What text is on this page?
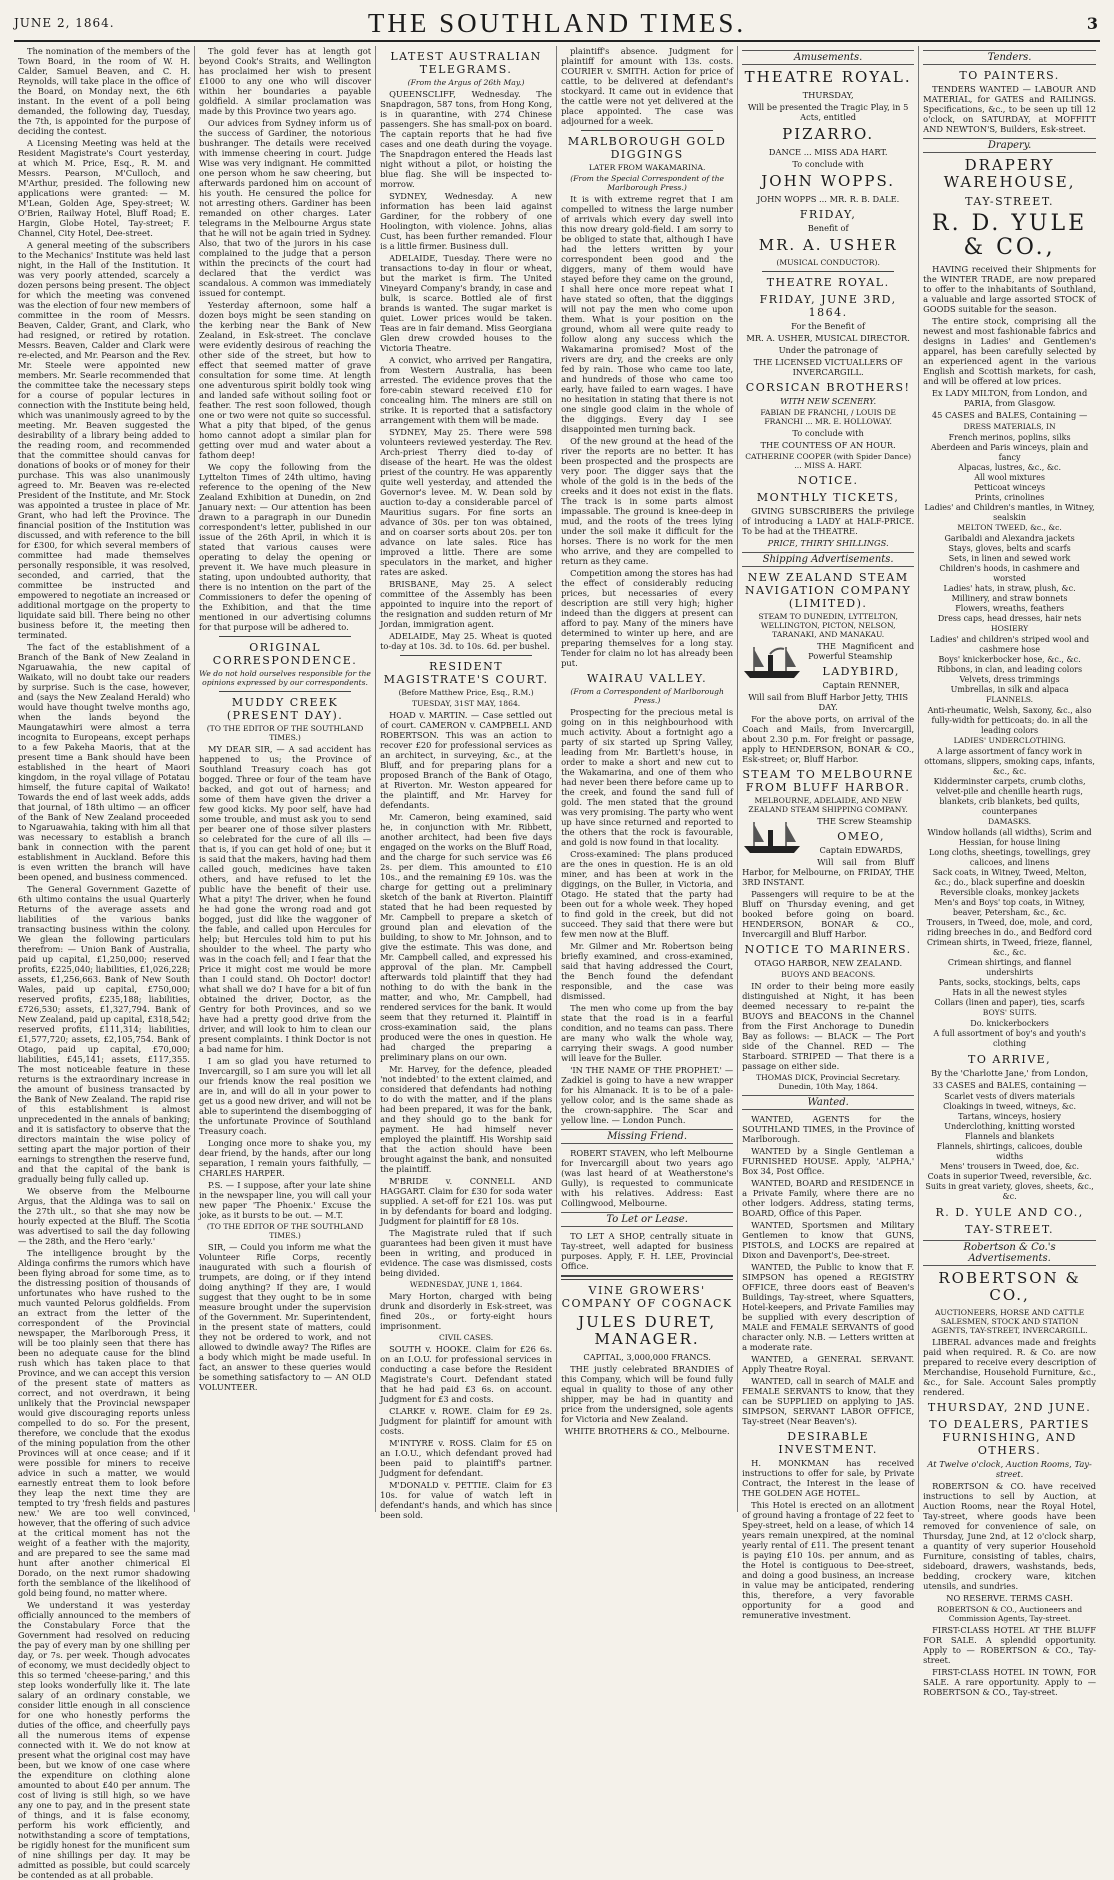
JUNE 2, 1864.	THE SOUTHLAND TIMES.	3

The nomination of the members of the Town Board, in the room of W. H. Calder, Samuel Beaven, and C. H. Reynolds, will take place in the office of the Board, on Monday next, the 6th instant. In the event of a poll being demanded, the following day, Tuesday, the 7th, is appointed for the purpose of deciding the contest.

A Licensing Meeting was held at the Resident Magistrate's Court yesterday, at which M. Price, Esq., R. M. and Messrs. Pearson, M'Culloch, and M'Arthur, presided. The following new applications were granted: — M. M'Lean, Golden Age, Spey-street; W. O'Brien, Railway Hotel, Bluff Road; E. Hargin, Globe Hotel, Tay-street; F. Channel, City Hotel, Dee-street.

A general meeting of the subscribers to the Mechanics' Institute was held last night, in the Hall of the Institution. It was very poorly attended, scarcely a dozen persons being present. The object for which the meeting was convened was the election of four new members of committee in the room of Messrs. Beaven, Calder, Grant, and Clark, who had resigned, or retired by rotation. Messrs. Beaven, Calder and Clark were re-elected, and Mr. Pearson and the Rev. Mr. Steele were appointed new members. Mr. Searle recommended that the committee take the necessary steps for a course of popular lectures in connection with the Institute being held, which was unanimously agreed to by the meeting. Mr. Beaven suggested the desirability of a library being added to the reading room, and recommended that the committee should canvas for donations of books or of money for their purchase. This was also unanimously agreed to. Mr. Beaven was re-elected President of the Institute, and Mr. Stock was appointed a trustee in place of Mr. Grant, who had left the Province. The financial position of the Institution was discussed, and with reference to the bill for £300, for which several members of committee had made themselves personally responsible, it was resolved, seconded, and carried, that the committee be instructed and empowered to negotiate an increased or additional mortgage on the property to liquidate said bill. There being no other business before it, the meeting then terminated.

The fact of the establishment of a Branch of the Bank of New Zealand in Ngaruawahia, the new capital of Waikato, will no doubt take our readers by surprise. Such is the case, however, and (says the New Zealand Herald) who would have thought twelve months ago, when the lands beyond the Maungatawhiri were almost a terra incognita to Europeans, except perhaps to a few Pakeha Maoris, that at the present time a Bank should have been established in the heart of Maori kingdom, in the royal village of Potatau himself, the future capital of Waikato! Towards the end of last week adds, adds that journal, of 18th ultimo — an officer of the Bank of New Zealand proceeded to Ngaruawahia, taking with him all that was necessary to establish a branch bank in connection with the parent establishment in Auckland. Before this is even written the branch will have been opened, and business commenced.

The General Government Gazette of 6th ultimo contains the usual Quarterly Returns of the average assets and liabilities of the various banks transacting business within the colony. We glean the following particulars therefrom: — Union Bank of Australia, paid up capital, £1,250,000; reserved profits, £225,040; liabilities, £1,026,228; assets, £1,256,663. Bank of New South Wales, paid up capital, £750,000; reserved profits, £235,188; liabilities, £726,530; assets, £1,327,794. Bank of New Zealand, paid up capital, £318,542; reserved profits, £111,314; liabilities, £1,577,720; assets, £2,105,754. Bank of Otago, paid up capital, £70,000; liabilities, £45,141; assets, £117,355. The most noticeable feature in these returns is the extraordinary increase in the amount of business transacted by the Bank of New Zealand. The rapid rise of this establishment is almost unprecedented in the annals of banking; and it is satisfactory to observe that the directors maintain the wise policy of setting apart the major portion of their earnings to strengthen the reserve fund, and that the capital of the bank is gradually being fully called up.

We observe from the Melbourne Argus, that the Aldinga was to sail on the 27th ult., so that she may now be hourly expected at the Bluff. The Scotia was advertised to sail the day following — the 28th, and the Hero 'early.'

The intelligence brought by the Aldinga confirms the rumors which have been flying abroad for some time, as to the distressing position of thousands of unfortunates who have rushed to the much vaunted Pelorus goldfields. From an extract from the letter of the correspondent of the Provincial newspaper, the Marlborough Press, it will be too plainly seen that there has been no adequate cause for the blind rush which has taken place to that Province, and we can accept this version of the present state of matters as correct, and not overdrawn, it being unlikely that the Provincial newspaper would give discouraging reports unless compelled to do so. For the present, therefore, we conclude that the exodus of the mining population from the other Provinces will at once cease; and if it were possible for miners to receive advice in such a matter, we would earnestly entreat them to look before they leap the next time they are tempted to try 'fresh fields and pastures new.' We are too well convinced, however, that the offering of such advice at the critical moment has not the weight of a feather with the majority, and are prepared to see the same mad hunt after another chimerical El Dorado, on the next rumor shadowing forth the semblance of the likelihood of gold being found, no matter where.

We understand it was yesterday officially announced to the members of the Constabulary Force that the Government had resolved on reducing the pay of every man by one shilling per day, or 7s. per week. Though advocates of economy, we must decidedly object to this so termed 'cheese-paring,' and this step looks wonderfully like it. The late salary of an ordinary constable, we consider little enough in all conscience for one who honestly performs the duties of the office, and cheerfully pays all the numerous items of expense connected with it. We do not know at present what the original cost may have been, but we know of one case where the expenditure on clothing alone amounted to about £40 per annum. The cost of living is still high, so we have any one to pay, and in the present state of things, and it is false economy, perform his work efficiently, and notwithstanding a score of temptations, be rigidly honest for the munificent sum of nine shillings per day. It may be admitted as possible, but could scarcely be contended as at all probable.

The gold fever has at length got beyond Cook's Straits, and Wellington has proclaimed her wish to present £1000 to any one who will discover within her boundaries a payable goldfield. A similar proclamation was made by this Province two years ago.

Our advices from Sydney inform us of the success of Gardiner, the notorious bushranger. The details were received with immense cheering in court. Judge Wise was very indignant. He committed one person whom he saw cheering, but afterwards pardoned him on account of his youth. He censured the police for not arresting others. Gardiner has been remanded on other charges. Later telegrams in the Melbourne Argus state that he will not be again tried in Sydney. Also, that two of the jurors in his case complained to the judge that a person within the precincts of the court had declared that the verdict was scandalous. A common was immediately issued for contempt.

Yesterday afternoon, some half a dozen boys might be seen standing on the kerbing near the Bank of New Zealand, in Esk-street. The conclave were evidently desirous of reaching the other side of the street, but how to effect that seemed matter of grave consultation for some time. At length one adventurous spirit boldly took wing and landed safe without soiling foot or feather. The rest soon followed, though one or two were not quite so successful. What a pity that biped, of the genus homo cannot adopt a similar plan for getting over mud and water about a fathom deep!

We copy the following from the Lyttelton Times of 24th ultimo, having reference to the opening of the New Zealand Exhibition at Dunedin, on 2nd January next: — Our attention has been drawn to a paragraph in our Dunedin correspondent's letter, published in our issue of the 26th April, in which it is stated that various causes were operating to delay the opening or prevent it. We have much pleasure in stating, upon undoubted authority, that there is no intention on the part of the Commissioners to defer the opening of the Exhibition, and that the time mentioned in our advertising columns for that purpose will be adhered to.

ORIGINAL CORRESPONDENCE.

We do not hold ourselves responsible for the opinions expressed by our correspondents.

MUDDY CREEK (PRESENT DAY).

(TO THE EDITOR OF THE SOUTHLAND TIMES.)

MY DEAR SIR, — A sad accident has happened to us; the Province of Southland Treasury coach has got bogged. Three or four of the team have backed, and got out of harness; and some of them have given the driver a few good kicks. My poor self, have had some trouble, and must ask you to send per bearer one of those silver plasters so celebrated for the cure of all ills — that is, if you can get hold of one; but it is said that the makers, having had them called gouch, medicines have taken others, and have refused to let the public have the benefit of their use. What a pity! The driver, when he found he had gone the wrong road and got bogged, just did like the waggoner of the fable, and called upon Hercules for help; but Hercules told him to put his shoulder to the wheel. The party who was in the coach fell; and I fear that the Price it might cost me would be more than I could stand. Oh Doctor! doctor! what shall we do? I have for a bit of fun obtained the driver, Doctor, as the Gentry for both Provinces, and so we have had a pretty good drive from the driver, and will look to him to clean our present complaints. I think Doctor is not a bad name for him.

I am so glad you have returned to Invercargill, so I am sure you will let all our friends know the real position we are in, and will do all in your power to get us a good new driver, and will not be able to superintend the disembogging of the unfortunate Province of Southland Treasury coach.

Longing once more to shake you, my dear friend, by the hands, after our long separation, I remain yours faithfully, — CHARLES HARPER.

P.S. — I suppose, after your late shine in the newspaper line, you will call your new paper 'The Phoenix.' Excuse the joke, as it bursts to be out. — M.T.

(TO THE EDITOR OF THE SOUTHLAND TIMES.)

SIR, — Could you inform me what the Volunteer Rifle Corps, recently inaugurated with such a flourish of trumpets, are doing, or if they intend doing anything? If they are, I would suggest that they ought to be in some measure brought under the supervision of the Government. Mr. Superintendent, in the present state of matters, could they not be ordered to work, and not allowed to dwindle away? The Rifles are a body which might be made useful. In fact, an answer to these queries would be something satisfactory to — AN OLD VOLUNTEER.

LATEST AUSTRALIAN TELEGRAMS.

(From the Argus of 26th May.)

QUEENSCLIFF, Wednesday. The Snapdragon, 587 tons, from Hong Kong, is in quarantine, with 274 Chinese passengers. She has small-pox on board. The captain reports that he had five cases and one death during the voyage. The Snapdragon entered the Heads last night without a pilot, or hoisting the blue flag. She will be inspected to-morrow.

SYDNEY, Wednesday. A new information has been laid against Gardiner, for the robbery of one Hoolington, with violence. Johns, alias Cust, has been further remanded. Flour is a little firmer. Business dull.

ADELAIDE, Tuesday. There were no transactions to-day in flour or wheat, but the market is firm. The United Vineyard Company's brandy, in case and bulk, is scarce. Bottled ale of first brands is wanted. The sugar market is quiet. Lower prices would be taken. Teas are in fair demand. Miss Georgiana Glen drew crowded houses to the Victoria Theatre.

A convict, who arrived per Rangatira, from Western Australia, has been arrested. The evidence proves that the fore-cabin steward received £10 for concealing him. The miners are still on strike. It is reported that a satisfactory arrangement with them will be made.

SYDNEY, May 25. There were 598 volunteers reviewed yesterday. The Rev. Arch-priest Therry died to-day of disease of the heart. He was the oldest priest of the country. He was apparently quite well yesterday, and attended the Governor's levee. M. W. Dean sold by auction to-day a considerable parcel of Mauritius sugars. For fine sorts an advance of 30s. per ton was obtained, and on coarser sorts about 20s. per ton advance on late sales. Rice has improved a little. There are some speculators in the market, and higher rates are asked.

BRISBANE, May 25. A select committee of the Assembly has been appointed to inquire into the report of the resignation and sudden return of Mr Jordan, immigration agent.

ADELAIDE, May 25. Wheat is quoted to-day at 10s. 3d. to 10s. 6d. per bushel.

RESIDENT MAGISTRATE'S COURT.

(Before Matthew Price, Esq., R.M.)

TUESDAY, 31ST MAY, 1864.

HOAD v. MARTIN. — Case settled out of court. CAMERON v. CAMPBELL AND ROBERTSON. This was an action to recover £20 for professional services as an architect, in surveying, &c., at the Bluff, and for preparing plans for a proposed Branch of the Bank of Otago, at Riverton. Mr. Weston appeared for the plaintiff, and Mr. Harvey for defendants.

Mr. Cameron, being examined, said he, in conjunction with Mr. Ribbett, another architect, had been five days engaged on the works on the Bluff Road, and the charge for such service was £6 2s. per diem. This amounted to £10 10s., and the remaining £9 10s. was the charge for getting out a preliminary sketch of the bank at Riverton. Plaintiff stated that he had been requested by Mr. Campbell to prepare a sketch of ground plan and elevation of the building, to show to Mr. Johnson, and to give the estimate. This was done, and Mr. Campbell called, and expressed his approval of the plan. Mr. Campbell afterwards told plaintiff that they had nothing to do with the bank in the matter, and who, Mr. Campbell, had rendered services for the bank. It would seem that they returned it. Plaintiff in cross-examination said, the plans produced were the ones in question. He had charged the preparing a preliminary plans on our own.

Mr. Harvey, for the defence, pleaded 'not indebted' to the extent claimed, and considered that defendants had nothing to do with the matter, and if the plans had been prepared, it was for the bank, and they should go to the bank for payment. He had himself never employed the plaintiff. His Worship said that the action should have been brought against the bank, and nonsuited the plaintiff.

M'BRIDE v. CONNELL AND HAGGART. Claim for £30 for soda water supplied. A set-off for £21 10s. was put in by defendants for board and lodging. Judgment for plaintiff for £8 10s.

The Magistrate ruled that if such guarantees had been given it must have been in writing, and produced in evidence. The case was dismissed, costs being divided.

WEDNESDAY, JUNE 1, 1864.

Mary Horton, charged with being drunk and disorderly in Esk-street, was fined 20s., or forty-eight hours imprisonment.

CIVIL CASES.

SOUTH v. HOOKE. Claim for £26 6s. on an I.O.U. for professional services in conducting a case before the Resident Magistrate's Court. Defendant stated that he had paid £3 6s. on account. Judgment for £3 and costs.

CLARKE v. ROWE. Claim for £9 2s. Judgment for plaintiff for amount with costs.

M'INTYRE v. ROSS. Claim for £5 on an I.O.U., which defendant proved had been paid to plaintiff's partner. Judgment for defendant.

M'DONALD v. PETTIE. Claim for £3 10s. for value of watch left in defendant's hands, and which has since been sold.

plaintiff's absence. Judgment for plaintiff for amount with 13s. costs. COURIER v. SMITH. Action for price of cattle, to be delivered at defendant's stockyard. It came out in evidence that the cattle were not yet delivered at the place appointed. The case was adjourned for a week.

MARLBOROUGH GOLD DIGGINGS

LATER FROM WAKAMARINA.

(From the Special Correspondent of the Marlborough Press.)

It is with extreme regret that I am compelled to witness the large number of arrivals which every day swell into this now dreary gold-field. I am sorry to be obliged to state that, although I have had the letters written by your correspondent been good and the diggers, many of them would have stayed before they came on the ground, I shall here once more repeat what I have stated so often, that the diggings will not pay the men who come upon them. What is your position on the ground, whom all were quite ready to follow along any success which the Wakamarina promised? Most of the rivers are dry, and the creeks are only fed by rain. Those who came too late, and hundreds of those who came too early, have failed to earn wages. I have no hesitation in stating that there is not one single good claim in the whole of the diggings. Every day I see disappointed men turning back.

Of the new ground at the head of the river the reports are no better. It has been prospected and the prospects are very poor. The digger says that the whole of the gold is in the beds of the creeks and it does not exist in the flats. The track is in some parts almost impassable. The ground is knee-deep in mud, and the roots of the trees lying under the soil make it difficult for the horses. There is no work for the men who arrive, and they are compelled to return as they came.

Competition among the stores has had the effect of considerably reducing prices, but necessaries of every description are still very high; higher indeed than the diggers at present can afford to pay. Many of the miners have determined to winter up here, and are preparing themselves for a long stay. Tender for claim no lot has already been put.

WAIRAU VALLEY.

(From a Correspondent of Marlborough Press.)

Prospecting for the precious metal is going on in this neighbourhood with much activity. About a fortnight ago a party of six started up Spring Valley, leading from Mr. Bartlett's house, in order to make a short and new cut to the Wakamarina, and one of them who had never been there before came up to the creek, and found the sand full of gold. The men stated that the ground was very promising. The party who went up have since returned and reported to the others that the rock is favourable, and gold is now found in that locality.

Cross-examined: The plans produced are the ones in question. He is an old miner, and has been at work in the diggings, on the Buller, in Victoria, and Otago. He stated that the party had been out for a whole week. They hoped to find gold in the creek, but did not succeed. They said that there were but few men now at the Bluff.

Mr. Gilmer and Mr. Robertson being briefly examined, and cross-examined, said that having addressed the Court, the Bench found the defendant responsible, and the case was dismissed.

The men who come up from the bay state that the road is in a fearful condition, and no teams can pass. There are many who walk the whole way, carrying their swags. A good number will leave for the Buller.

'IN THE NAME OF THE PROPHET.' — Zadkiel is going to have a new wrapper for his Almanack. It is to be of a pale-yellow color, and is the same shade as the crown-sapphire. The Scar and yellow line. — London Punch.

Missing Friend.

ROBERT STAVEN, who left Melbourne for Invercargill about two years ago (was last heard of at Weatherstone's Gully), is requested to communicate with his relatives. Address: East Collingwood, Melbourne.

To Let or Lease.

TO LET A SHOP, centrally situate in Tay-street, well adapted for business purposes. Apply, F. H. LEE, Provincial Office.

VINE GROWERS' COMPANY OF COGNACK
JULES DURET, MANAGER.

CAPITAL, 3,000,000 FRANCS.

THE justly celebrated BRANDIES of this Company, which will be found fully equal in quality to those of any other shipper, may be had in quantity and price from the undersigned, sole agents for Victoria and New Zealand.

WHITE BROTHERS & CO., Melbourne.

Amusements.
THEATRE ROYAL.

THURSDAY,

Will be presented the Tragic Play, in 5 Acts, entitled

PIZARRO.

DANCE ... MISS ADA HART.

To conclude with

JOHN WOPPS.

JOHN WOPPS ... MR. R. B. DALE.

FRIDAY,

Benefit of

MR. A. USHER

(MUSICAL CONDUCTOR).

THEATRE ROYAL.
FRIDAY, JUNE 3RD, 1864.

For the Benefit of

MR. A. USHER, MUSICAL DIRECTOR.

Under the patronage of

THE LICENSED VICTUALLERS OF INVERCARGILL.

CORSICAN BROTHERS!

WITH NEW SCENERY.

FABIAN DE FRANCHI, / LOUIS DE FRANCHI ... MR. E. HOLLOWAY.

To conclude with

THE COUNTESS OF AN HOUR.

CATHERINE COOPER (with Spider Dance) ... MISS A. HART.

NOTICE.
MONTHLY TICKETS,

GIVING SUBSCRIBERS the privilege of introducing a LADY at HALF-PRICE. To be had at the THEATRE.

PRICE, THIRTY SHILLINGS.

Shipping Advertisements.
NEW ZEALAND STEAM NAVIGATION COMPANY (LIMITED).

STEAM TO DUNEDIN, LYTTELTON, WELLINGTON, PICTON, NELSON, TARANAKI, AND MANAKAU.

THE Magnificent and Powerful Steamship

LADYBIRD,

Captain RENNER,

Will sail from Bluff Harbor Jetty, THIS DAY.

For the above ports, on arrival of the Coach and Mails, from Invercargill, about 2.30 p.m. For freight or passage, apply to HENDERSON, BONAR & CO., Esk-street; or, Bluff Harbor.

STEAM TO MELBOURNE FROM BLUFF HARBOR.

MELBOURNE, ADELAIDE, AND NEW ZEALAND STEAM SHIPPING COMPANY.

THE Screw Steamship

OMEO,

Captain EDWARDS,

Will sail from Bluff Harbor, for Melbourne, on FRIDAY, THE 3RD INSTANT.

Passengers will require to be at the Bluff on Thursday evening, and get booked before going on board. HENDERSON, BONAR & CO., Invercargill and Bluff Harbor.

NOTICE TO MARINERS.

OTAGO HARBOR, NEW ZEALAND.

BUOYS AND BEACONS.

IN order to their being more easily distinguished at Night, it has been deemed necessary to re-paint the BUOYS and BEACONS in the Channel from the First Anchorage to Dunedin Bay as follows: — BLACK — The Port side of the Channel. RED — The Starboard. STRIPED — That there is a passage on either side.

THOMAS DICK, Provincial Secretary. Dunedin, 10th May, 1864.

Wanted.

WANTED, AGENTS for the SOUTHLAND TIMES, in the Province of Marlborough.

WANTED by a Single Gentleman a FURNISHED HOUSE. Apply, 'ALPHA,' Box 34, Post Office.

WANTED, BOARD and RESIDENCE in a Private Family, where there are no other lodgers. Address, stating terms, BOARD, Office of this Paper.

WANTED, Sportsmen and Military Gentlemen to know that GUNS, PISTOLS, and LOCKS are repaired at Dixon and Davenport's, Dee-street.

WANTED, the Public to know that F. SIMPSON has opened a REGISTRY OFFICE, three doors east of Beaven's Buildings, Tay-street, where Squatters, Hotel-keepers, and Private Families may be supplied with every description of MALE and FEMALE SERVANTS of good character only. N.B. — Letters written at a moderate rate.

WANTED, a GENERAL SERVANT. Apply Theatre Royal.

WANTED, call in search of MALE and FEMALE SERVANTS to know, that they can be SUPPLIED on applying to JAS. SIMPSON, SERVANT LABOR OFFICE, Tay-street (Near Beaven's).

DESIRABLE INVESTMENT.

H. MONKMAN has received instructions to offer for sale, by Private Contract, the Interest in the lease of THE GOLDEN AGE HOTEL.

This Hotel is erected on an allotment of ground having a frontage of 22 feet to Spey-street, held on a lease, of which 14 years remain unexpired, at the nominal yearly rental of £11. The present tenant is paying £10 10s. per annum, and as the Hotel is contiguous to Dee-street, and doing a good business, an increase in value may be anticipated, rendering this, therefore, a very favorable opportunity for a good and remunerative investment.

Tenders.
TO PAINTERS.

TENDERS WANTED — LABOUR AND MATERIAL, for GATES and RAILINGS. Specifications, &c., to be seen up till 12 o'clock, on SATURDAY, at MOFFITT AND NEWTON'S, Builders, Esk-street.

Drapery.
DRAPERY WAREHOUSE,
TAY-STREET.
R. D. YULE & CO.,

HAVING received their Shipments for the WINTER TRADE, are now prepared to offer to the inhabitants of Southland, a valuable and large assorted STOCK of GOODS suitable for the season.

The entire stock, comprising all the newest and most fashionable fabrics and designs in Ladies' and Gentlemen's apparel, has been carefully selected by an experienced agent in the various English and Scottish markets, for cash, and will be offered at low prices.

Ex LADY MILTON, from London, and PARIA, from Glasgow.

45 CASES and BALES, Containing —

DRESS MATERIALS, IN

French merinos, poplins, silks
Aberdeen and Paris winceys, plain and fancy
Alpacas, lustres, &c., &c.
All wool mixtures
Petticoat winceys
Prints, crinolines
Ladies' and Children's mantles, in Witney, sealskin

MELTON TWEED, &c., &c.

Garibaldi and Alexandra jackets
Stays, gloves, belts and scarfs
Sets, in linen and sewed work
Children's hoods, in cashmere and worsted
Ladies' hats, in straw, plush, &c.
Millinery, and straw bonnets
Flowers, wreaths, feathers
Dress caps, head dresses, hair nets

HOSIERY

Ladies' and children's striped wool and cashmere hose
Boys' knickerbocker hose, &c., &c.
Ribbons, in clan, and leading colors
Velvets, dress trimmings
Umbrellas, in silk and alpaca

FLANNELS.

Anti-rheumatic, Welsh, Saxony, &c., also fully-width for petticoats; do. in all the leading colors

LADIES' UNDERCLOTHING.

A large assortment of fancy work in ottomans, slippers, smoking caps, infants, &c., &c.
Kidderminster carpets, crumb cloths, velvet-pile and chenille hearth rugs, blankets, crib blankets, bed quilts, counterpanes

DAMASKS.

Window hollands (all widths), Scrim and Hessian, for house lining
Long cloths, sheetings, towellings, grey calicoes, and linens
Sack coats, in Witney, Tweed, Melton, &c.; do., black superfine and doeskin
Reversible cloaks, monkey jackets
Men's and Boys' top coats, in Witney, beaver, Petersham, &c., &c.
Trousers, in Tweed, doe, mole, and cord, riding breeches in do., and Bedford cord
Crimean shirts, in Tweed, frieze, flannel, &c., &c.
Crimean shirtings, and flannel undershirts
Pants, socks, stockings, belts, caps
Hats in all the newest styles
Collars (linen and paper), ties, scarfs

BOYS' SUITS.

Do. knickerbockers
A full assortment of boy's and youth's clothing
TO ARRIVE,

By the 'Charlotte Jane,' from London,

33 CASES and BALES, containing —

Scarlet vests of divers materials
Cloakings in tweed, witneys, &c.
Tartans, winceys, hosiery
Underclothing, knitting worsted
Flannels and blankets
Flannels, shirtings, calicoes, double widths
Mens' trousers in Tweed, doe, &c.
Coats in superior Tweed, reversible, &c.
Suits in great variety, gloves, sheets, &c., &c.
R. D. YULE AND CO.,
TAY-STREET.
Robertson & Co.'s Advertisements.
ROBERTSON & CO.,

AUCTIONEERS, HORSE AND CATTLE SALESMEN, STOCK AND STATION AGENTS, TAY-STREET, INVERCARGILL.

LIBERAL advances made and freights paid when required. R. & Co. are now prepared to receive every description of Merchandise, Household Furniture, &c., &c., for Sale. Account Sales promptly rendered.

THURSDAY, 2ND JUNE.
TO DEALERS, PARTIES FURNISHING, AND OTHERS.

At Twelve o'clock, Auction Rooms, Tay-street.

ROBERTSON & CO. have received instructions to sell by Auction, at Auction Rooms, near the Royal Hotel, Tay-street, where goods have been removed for convenience of sale, on Thursday, June 2nd, at 12 o'clock sharp, a quantity of very superior Household Furniture, consisting of tables, chairs, sideboard, drawers, washstands, beds, bedding, crockery ware, kitchen utensils, and sundries.

NO RESERVE. TERMS CASH.

ROBERTSON & CO., Auctioneers and Commission Agents, Tay-street.

FIRST-CLASS HOTEL AT THE BLUFF FOR SALE. A splendid opportunity. Apply to — ROBERTSON & CO., Tay-street.

FIRST-CLASS HOTEL IN TOWN, FOR SALE. A rare opportunity. Apply to — ROBERTSON & CO., Tay-street.
